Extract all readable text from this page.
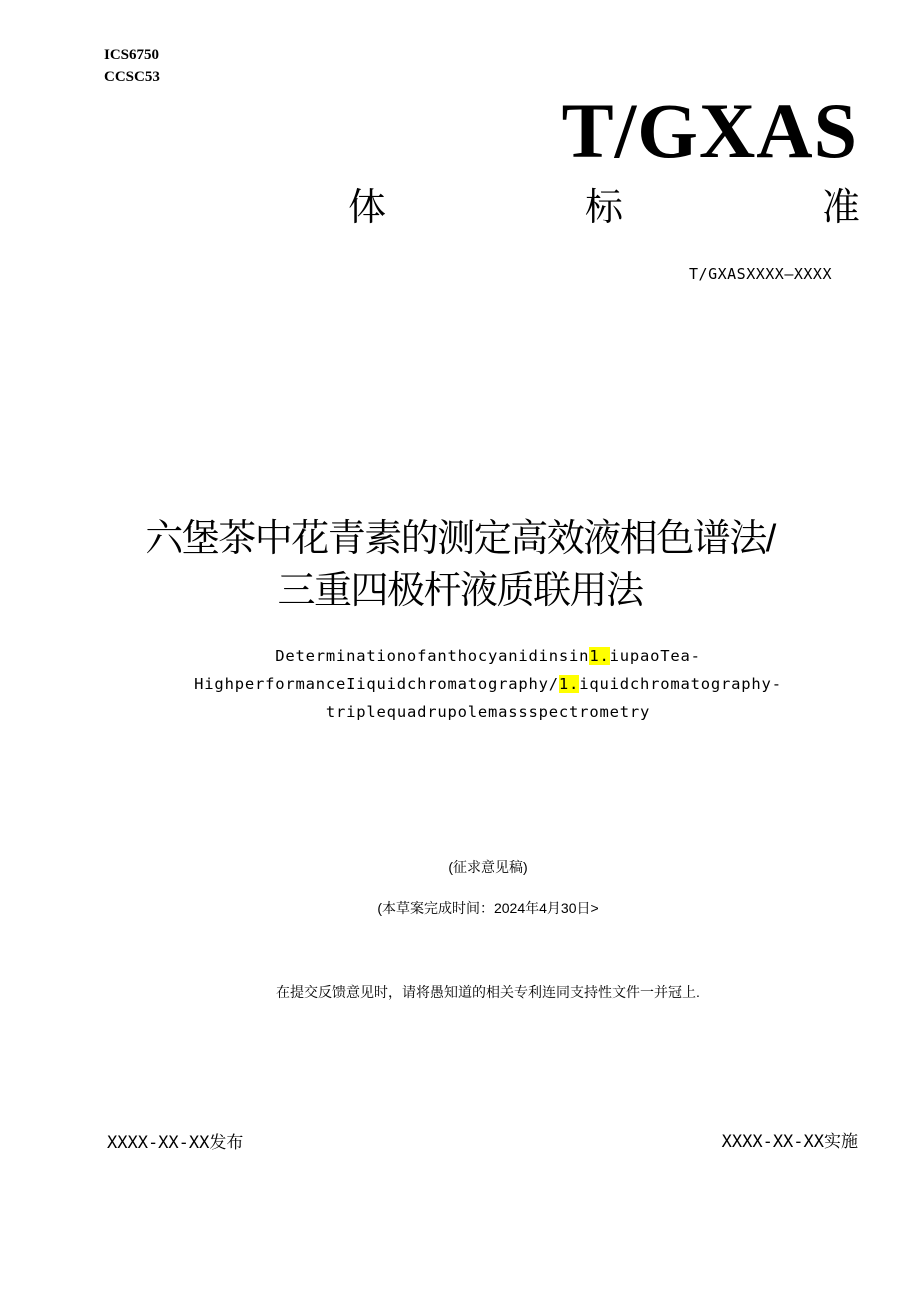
ICS6750
CCSC53
T/GXAS
体	标	准
T/GXASXXXX—XXXX
六堡茶中花青素的测定高效液相色谱法/
三重四极杆液质联用法
Determinationofanthocyanidinsin1.iupaoTea-
HighperformanceIiquidchromatography/1.iquidchromatography-
triplequadrupolemassspectrometry
(征求意见稿)
(本草案完成时间：2024年4月30日>
在提交反馈意见时，请将愚知道的相关专利连同支持性文件一并冠上.
XXXX-XX-XX发布	XXXX-XX-XX实施
